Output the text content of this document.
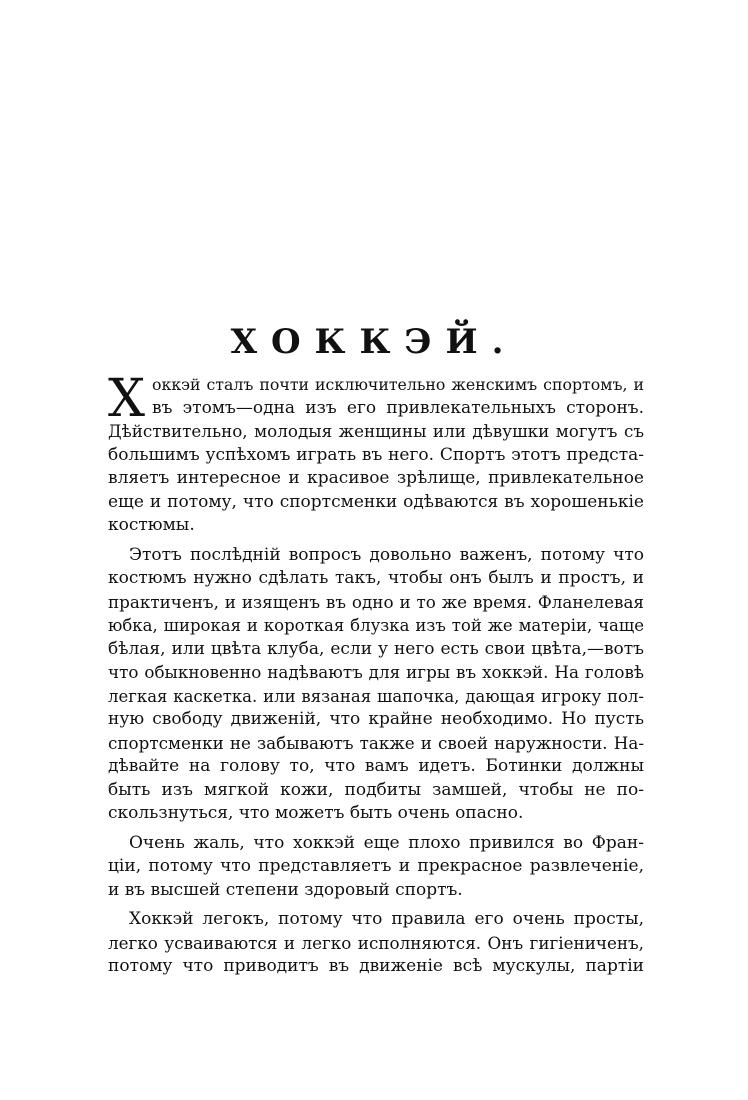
ХОККЭЙ.
Х оккэй сталъ почти исключительно женскимъ спортомъ, и
въ этомъ—одна изъ его привлекательныхъ сторонъ.
Дѣйствительно, молодыя женщины или дѣвушки могутъ съ
большимъ успѣхомъ играть въ него. Спортъ этотъ предста-
вляетъ интересное и красивое зрѣлище, привлекательное
еще и потому, что спортсменки одѣваются въ хорошенькіе
костюмы.
Этотъ послѣдній вопросъ довольно важенъ, потому что
костюмъ нужно сдѣлать такъ, чтобы онъ былъ и простъ, и
практиченъ, и изященъ въ одно и то же время. Фланелевая
юбка, широкая и короткая блузка изъ той же матеріи, чаще
бѣлая, или цвѣта клуба, если у него есть свои цвѣта,—вотъ
что обыкновенно надѣваютъ для игры въ хоккэй. На головѣ
легкая каскетка. или вязаная шапочка, дающая игроку пол-
ную свободу движеній, что крайне необходимо. Но пусть
спортсменки не забываютъ также и своей наружности. На-
дѣвайте на голову то, что вамъ идетъ. Ботинки должны
быть изъ мягкой кожи, подбиты замшей, чтобы не по-
скользнуться, что можетъ быть очень опасно.
Очень жаль, что хоккэй еще плохо привился во Фран-
ціи, потому что представляетъ и прекрасное развлеченіе,
и въ высшей степени здоровый спортъ.
Хоккэй легокъ, потому что правила его очень просты,
легко усваиваются и легко исполняются. Онъ гигіениченъ,
потому что приводитъ въ движеніе всѣ мускулы, партіи
